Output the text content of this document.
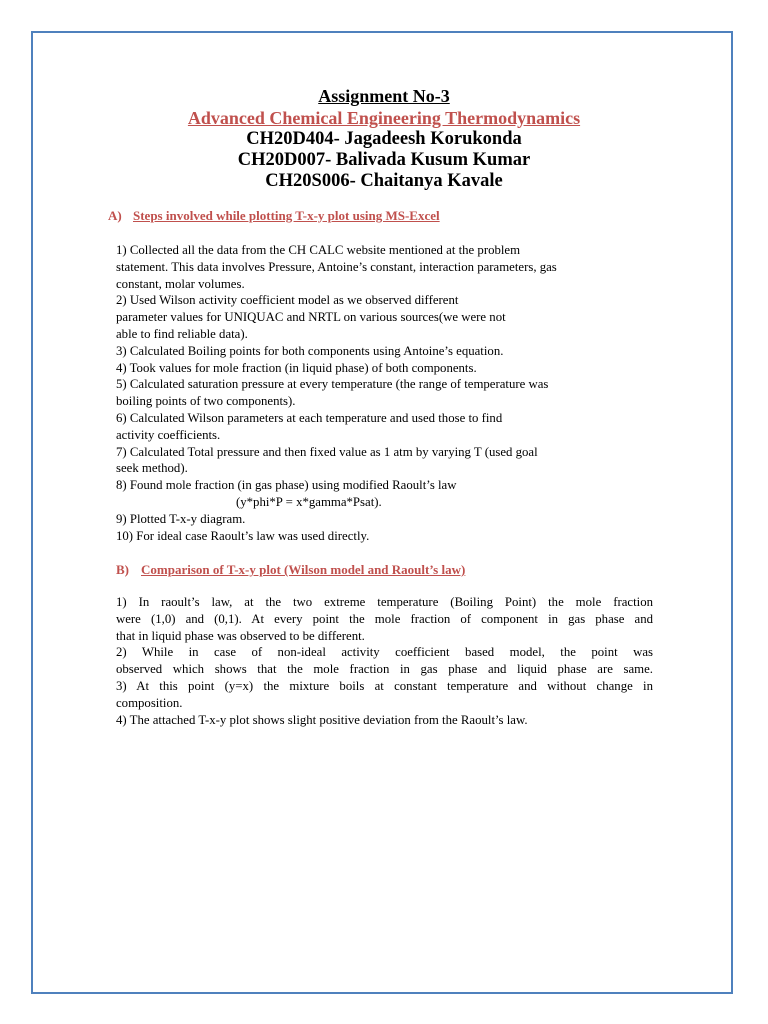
Assignment No-3
Advanced Chemical Engineering Thermodynamics
CH20D404- Jagadeesh Korukonda
CH20D007- Balivada Kusum Kumar
CH20S006- Chaitanya Kavale
A) Steps involved while plotting T-x-y plot using MS-Excel
1) Collected all the data from the CH CALC website mentioned at the problem
statement. This data involves Pressure, Antoine’s constant, interaction parameters, gas
constant, molar volumes.
2) Used Wilson activity coefficient model as we observed different
parameter values for UNIQUAC and NRTL on various sources(we were not
able to find reliable data).
3) Calculated Boiling points for both components using Antoine’s equation.
4) Took values for mole fraction (in liquid phase) of both components.
5) Calculated saturation pressure at every temperature (the range of temperature was
boiling points of two components).
6) Calculated Wilson parameters at each temperature and used those to find
activity coefficients.
7) Calculated Total pressure and then fixed value as 1 atm by varying T (used goal
seek method).
8) Found mole fraction (in gas phase) using modified Raoult’s law
(y*phi*P = x*gamma*Psat).
9) Plotted T-x-y diagram.
10) For ideal case Raoult’s law was used directly.
B) Comparison of T-x-y plot (Wilson model and Raoult’s law)
1) In raoult’s law, at the two extreme temperature (Boiling Point) the mole fraction
were (1,0) and (0,1). At every point the mole fraction of component in gas phase and
that in liquid phase was observed to be different.
2) While in case of non-ideal activity coefficient based model, the point was
observed which shows that the mole fraction in gas phase and liquid phase are same.
3) At this point (y=x) the mixture boils at constant temperature and without change in
composition.
4) The attached T-x-y plot shows slight positive deviation from the Raoult’s law.
